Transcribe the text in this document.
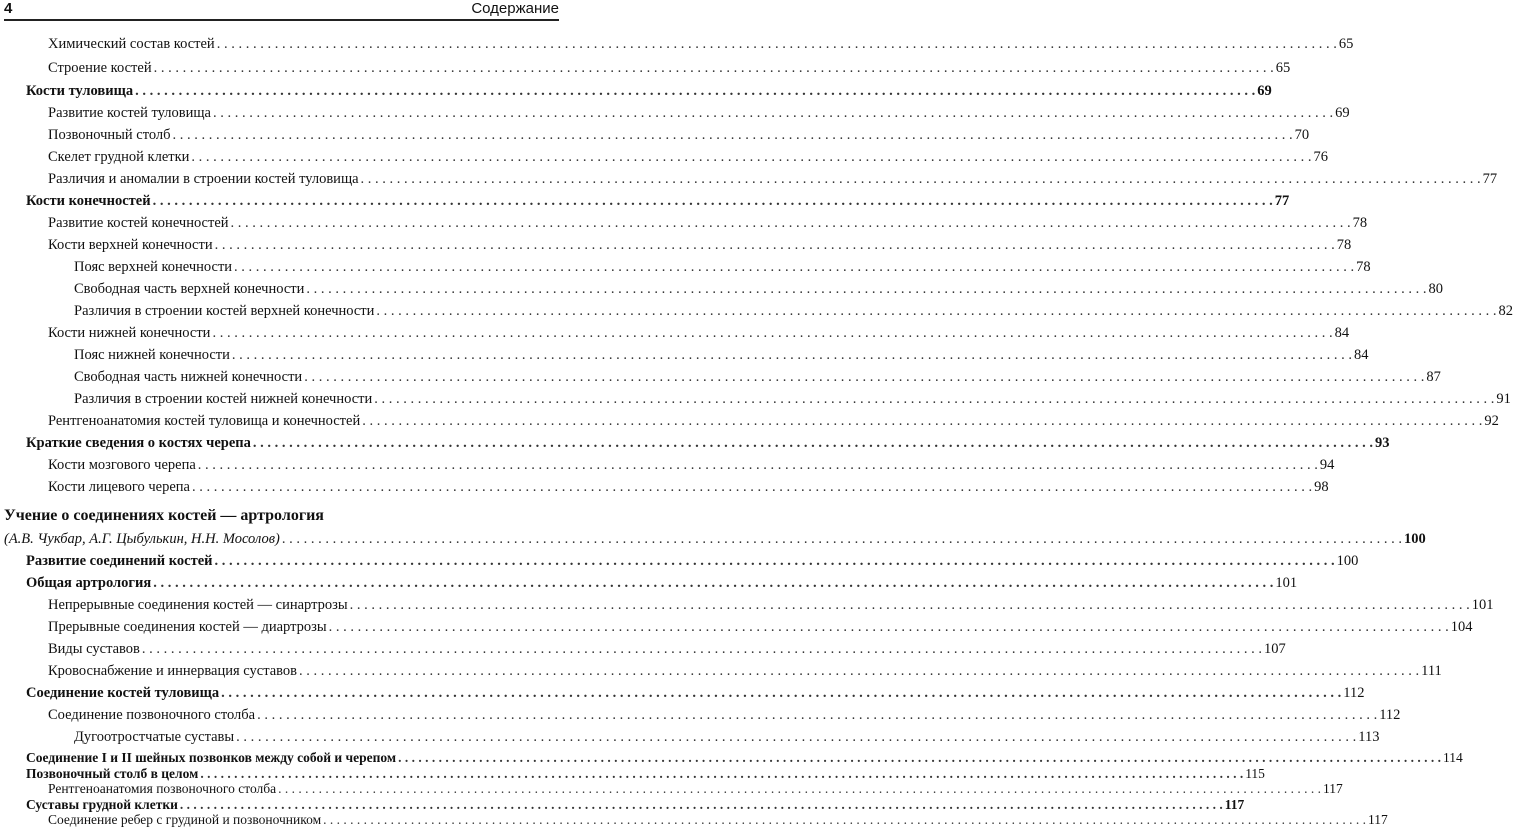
4	Содержание
Химический состав костей . . .	65
Строение костей . . .	65
Кости туловища . . .	69
Развитие костей туловища . . .	69
Позвоночный столб . . .	70
Скелет грудной клетки . . .	76
Различия и аномалии в строении костей туловища . . .	77
Кости конечностей . . .	77
Развитие костей конечностей . . .	78
Кости верхней конечности . . .	78
Пояс верхней конечности . . .	78
Свободная часть верхней конечности . . .	80
Различия в строении костей верхней конечности . . .	82
Кости нижней конечности . . .	84
Пояс нижней конечности . . .	84
Свободная часть нижней конечности . . .	87
Различия в строении костей нижней конечности . . .	91
Рентгеноанатомия костей туловища и конечностей . . .	92
Краткие сведения о костях черепа . . .	93
Кости мозгового черепа . . .	94
Кости лицевого черепа . . .	98
Учение о соединениях костей — артрология
(А.В. Чукбар, А.Г. Цыбулькин, Н.Н. Мосолов) . . .	100
Развитие соединений костей . . .	100
Общая артрология . . .	101
Непрерывные соединения костей — синартрозы . . .	101
Прерывные соединения костей — диартрозы . . .	104
Виды суставов . . .	107
Кровоснабжение и иннервация суставов . . .	111
Соединение костей туловища . . .	112
Соединение позвоночного столба . . .	112
Дугоотростчатые суставы . . .	113
Соединение I и II шейных позвонков между собой и черепом . . .	114
Позвоночный столб в целом . . .	115
Рентгеноанатомия позвоночного столба . . .	117
Суставы грудной клетки . . .	117
Соединение ребер с грудиной и позвоночником . . .	117
